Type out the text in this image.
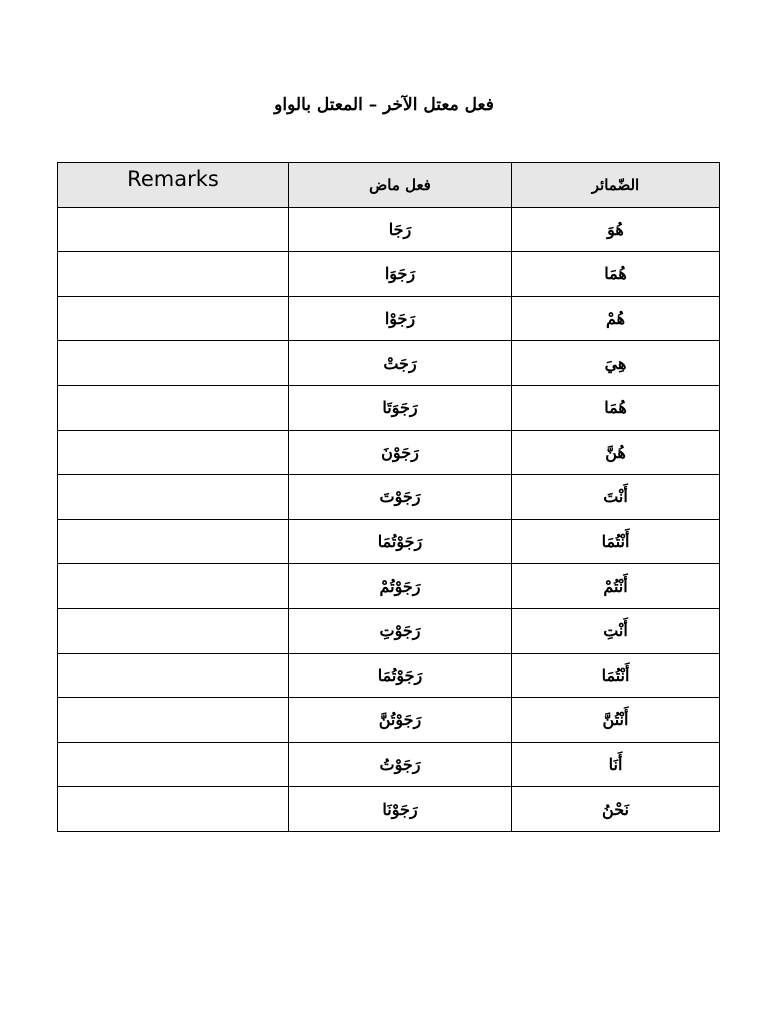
فعل معتل الآخر – المعتل بالواو
Remarks	فعل ماض	الضّمائر
	رَجَا	هُوَ
	رَجَوَا	هُمَا
	رَجَوْا	هُمْ
	رَجَتْ	هِيَ
	رَجَوَتَا	هُمَا
	رَجَوْنَ	هُنَّ
	رَجَوْتَ	أَنْتَ
	رَجَوْتُمَا	أَنْتُمَا
	رَجَوْتُمْ	أَنْتُمْ
	رَجَوْتِ	أَنْتِ
	رَجَوْتُمَا	أَنْتُمَا
	رَجَوْتُنَّ	أَنْتُنَّ
	رَجَوْتُ	أَنَا
	رَجَوْنَا	نَحْنُ
